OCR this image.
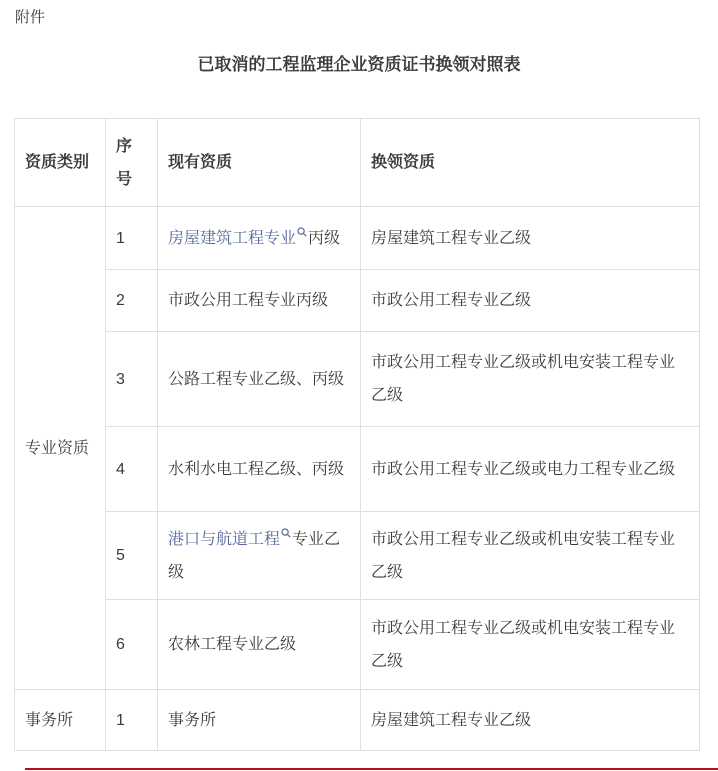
附件
已取消的工程监理企业资质证书换领对照表
资质类别	序号	现有资质	换领资质
专业资质	1	房屋建筑工程专业 丙级	房屋建筑工程专业乙级
	2	市政公用工程专业丙级	市政公用工程专业乙级
	3	公路工程专业乙级、丙级	市政公用工程专业乙级或机电安装工程专业乙级
	4	水利水电工程乙级、丙级	市政公用工程专业乙级或电力工程专业乙级
	5	港口与航道工程 专业乙级	市政公用工程专业乙级或机电安装工程专业乙级
	6	农林工程专业乙级	市政公用工程专业乙级或机电安装工程专业乙级
事务所	1	事务所	房屋建筑工程专业乙级
